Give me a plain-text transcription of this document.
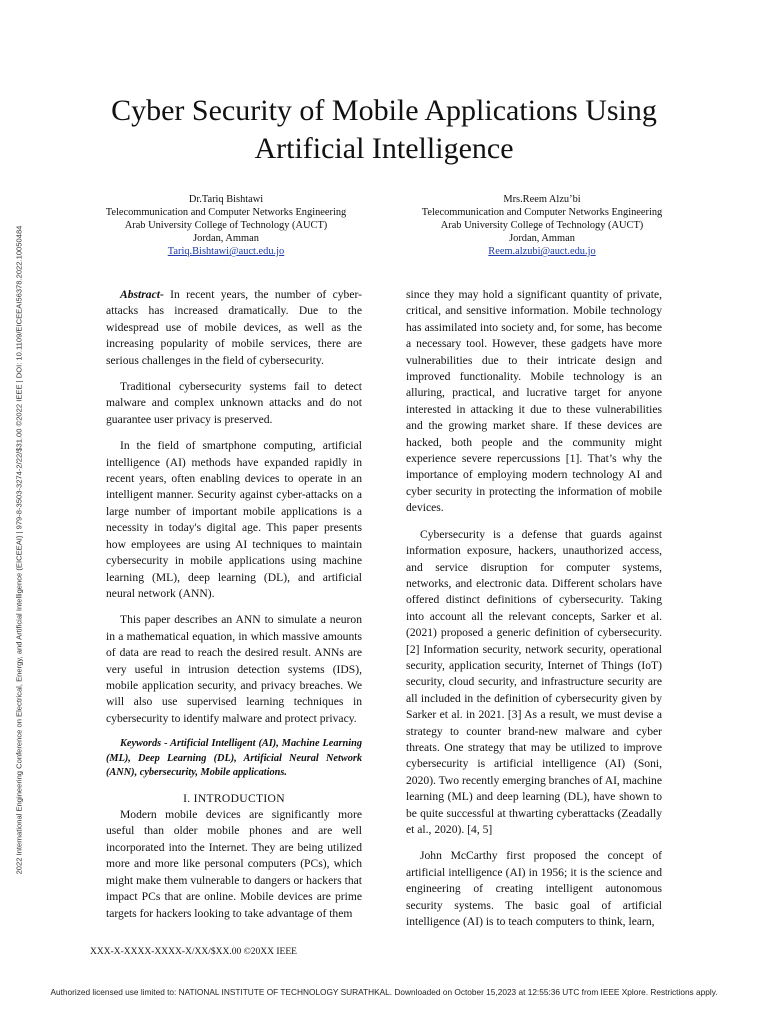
2022 International Engineering Conference on Electrical, Energy, and Artificial Intelligence (EICEEAI) | 979-8-3503-3274-2/22/$31.00 ©2022 IEEE | DOI: 10.1109/EICEEAI56378.2022.10050484
Cyber Security of Mobile Applications Using Artificial Intelligence
Dr.Tariq Bishtawi
Telecommunication and Computer Networks Engineering
Arab University College of Technology (AUCT)
Jordan, Amman
Tariq.Bishtawi@auct.edu.jo
Mrs.Reem Alzu’bi
Telecommunication and Computer Networks Engineering
Arab University College of Technology (AUCT)
Jordan, Amman
Reem.alzubi@auct.edu.jo

Abstract- In recent years, the number of cyber-attacks has increased dramatically. Due to the widespread use of mobile devices, as well as the increasing popularity of mobile services, there are serious challenges in the field of cybersecurity.

Traditional cybersecurity systems fail to detect malware and complex unknown attacks and do not guarantee user privacy is preserved.

In the field of smartphone computing, artificial intelligence (AI) methods have expanded rapidly in recent years, often enabling devices to operate in an intelligent manner. Security against cyber-attacks on a large number of important mobile applications is a necessity in today's digital age. This paper presents how employees are using AI techniques to maintain cybersecurity in mobile applications using machine learning (ML), deep learning (DL), and artificial neural network (ANN).

This paper describes an ANN to simulate a neuron in a mathematical equation, in which massive amounts of data are read to reach the desired result. ANNs are very useful in intrusion detection systems (IDS), mobile application security, and privacy breaches. We will also use supervised learning techniques in cybersecurity to identify malware and protect privacy.

Keywords - Artificial Intelligent (AI), Machine Learning (ML), Deep Learning (DL), Artificial Neural Network (ANN), cybersecurity, Mobile applications.

I. INTRODUCTION

Modern mobile devices are significantly more useful than older mobile phones and are well incorporated into the Internet. They are being utilized more and more like personal computers (PCs), which might make them vulnerable to dangers or hackers that impact PCs that are online. Mobile devices are prime targets for hackers looking to take advantage of them

since they may hold a significant quantity of private, critical, and sensitive information. Mobile technology has assimilated into society and, for some, has become a necessary tool. However, these gadgets have more vulnerabilities due to their intricate design and improved functionality. Mobile technology is an alluring, practical, and lucrative target for anyone interested in attacking it due to these vulnerabilities and the growing market share. If these devices are hacked, both people and the community might experience severe repercussions [1]. That’s why the importance of employing modern technology AI and cyber security in protecting the information of mobile devices.

Cybersecurity is a defense that guards against information exposure, hackers, unauthorized access, and service disruption for computer systems, networks, and electronic data. Different scholars have offered distinct definitions of cybersecurity. Taking into account all the relevant concepts, Sarker et al. (2021) proposed a generic definition of cybersecurity. [2] Information security, network security, operational security, application security, Internet of Things (IoT) security, cloud security, and infrastructure security are all included in the definition of cybersecurity given by Sarker et al. in 2021. [3] As a result, we must devise a strategy to counter brand-new malware and cyber threats. One strategy that may be utilized to improve cybersecurity is artificial intelligence (AI) (Soni, 2020). Two recently emerging branches of AI, machine learning (ML) and deep learning (DL), have shown to be quite successful at thwarting cyberattacks (Zeadally et al., 2020). [4, 5]

John McCarthy first proposed the concept of artificial intelligence (AI) in 1956; it is the science and engineering of creating intelligent autonomous security systems. The basic goal of artificial intelligence (AI) is to teach computers to think, learn,

XXX-X-XXXX-XXXX-X/XX/$XX.00 ©20XX IEEE
Authorized licensed use limited to: NATIONAL INSTITUTE OF TECHNOLOGY SURATHKAL. Downloaded on October 15,2023 at 12:55:36 UTC from IEEE Xplore. Restrictions apply.
